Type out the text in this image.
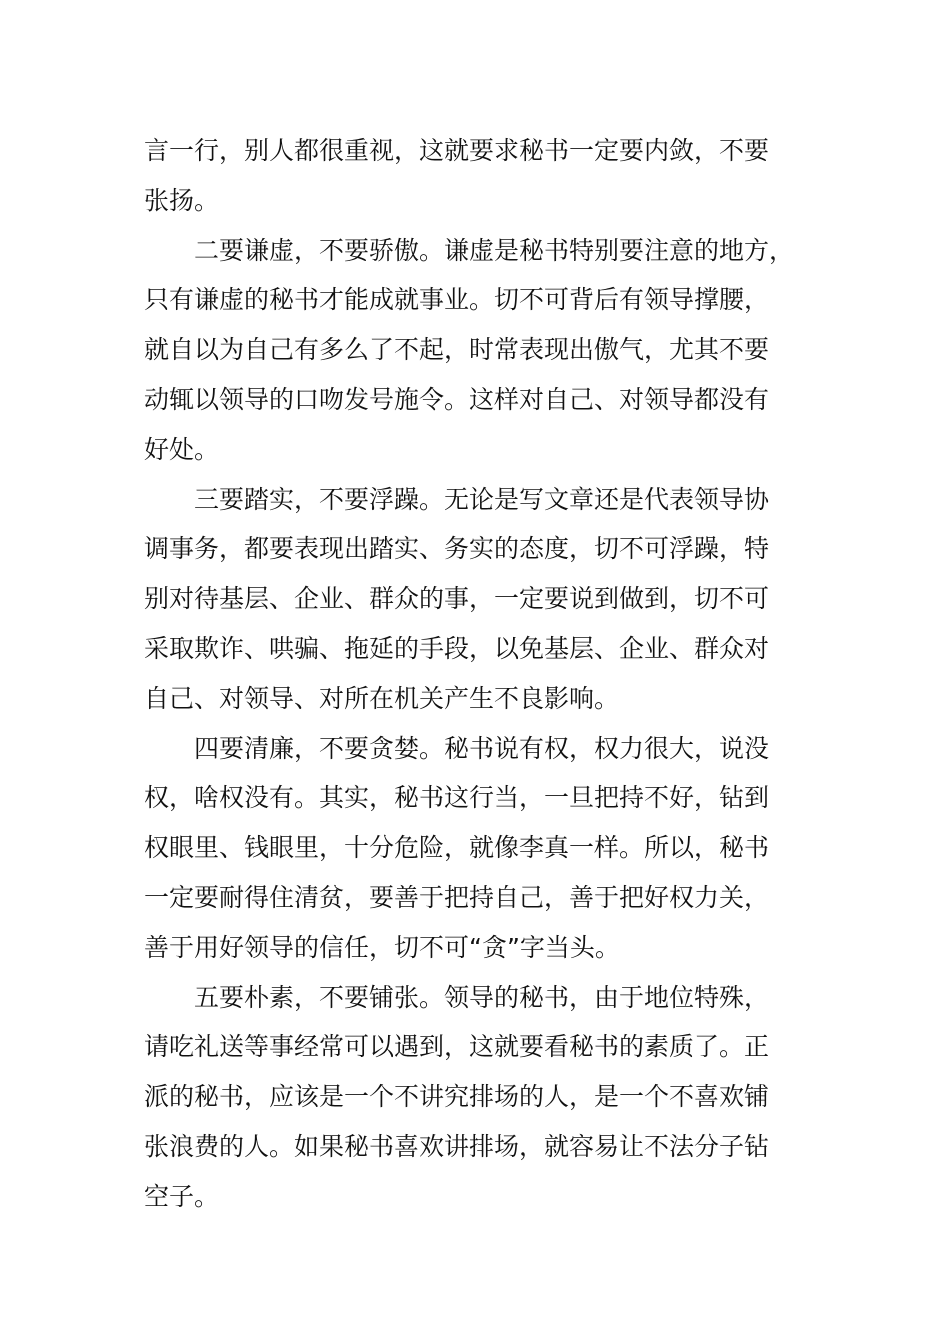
言一行，别人都很重视，这就要求秘书一定要内敛，不要
张扬。
二要谦虚，不要骄傲。谦虚是秘书特别要注意的地方，
只有谦虚的秘书才能成就事业。切不可背后有领导撑腰，
就自以为自己有多么了不起，时常表现出傲气，尤其不要
动辄以领导的口吻发号施令。这样对自己、对领导都没有
好处。
三要踏实，不要浮躁。无论是写文章还是代表领导协
调事务，都要表现出踏实、务实的态度，切不可浮躁，特
别对待基层、企业、群众的事，一定要说到做到，切不可
采取欺诈、哄骗、拖延的手段，以免基层、企业、群众对
自己、对领导、对所在机关产生不良影响。
四要清廉，不要贪婪。秘书说有权，权力很大，说没
权，啥权没有。其实，秘书这行当，一旦把持不好，钻到
权眼里、钱眼里，十分危险，就像李真一样。所以，秘书
一定要耐得住清贫，要善于把持自己，善于把好权力关，
善于用好领导的信任，切不可“贪”字当头。
五要朴素，不要铺张。领导的秘书，由于地位特殊，
请吃礼送等事经常可以遇到，这就要看秘书的素质了。正
派的秘书，应该是一个不讲究排场的人，是一个不喜欢铺
张浪费的人。如果秘书喜欢讲排场，就容易让不法分子钻
空子。
